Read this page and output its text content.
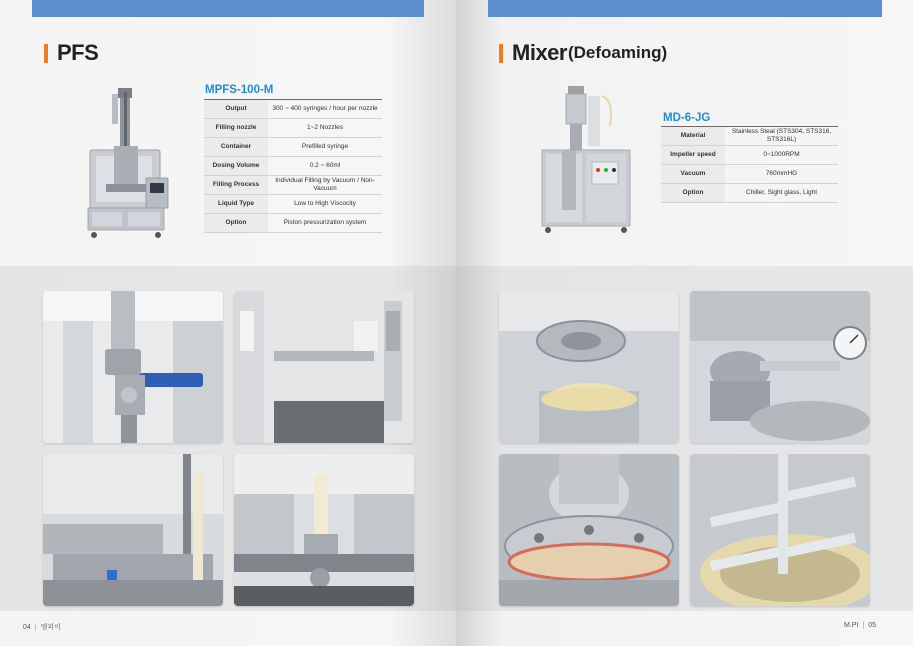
PFS
MPFS-100-M
Output	300 ~ 400 syringes / hour per nozzle
Filling nozzle	1~2 Nozzles
Container	Prefilled syringe
Dosing Volume	0.2 ~ 60ml
Filling Process	Individual Filling by Vacuum / Non-Vacuum
Liquid Type	Low to High Viscocity
Option	Piston pressurization system
04 | 엠피이
Mixer (Defoaming)
MD-6-JG
Material	Stainless Steal (STS304, STS316, STS316L)
Impeller speed	0~1000RPM
Vacuum	760mmHG
Option	Chiller, Sight glass, Light
M.PI | 05
